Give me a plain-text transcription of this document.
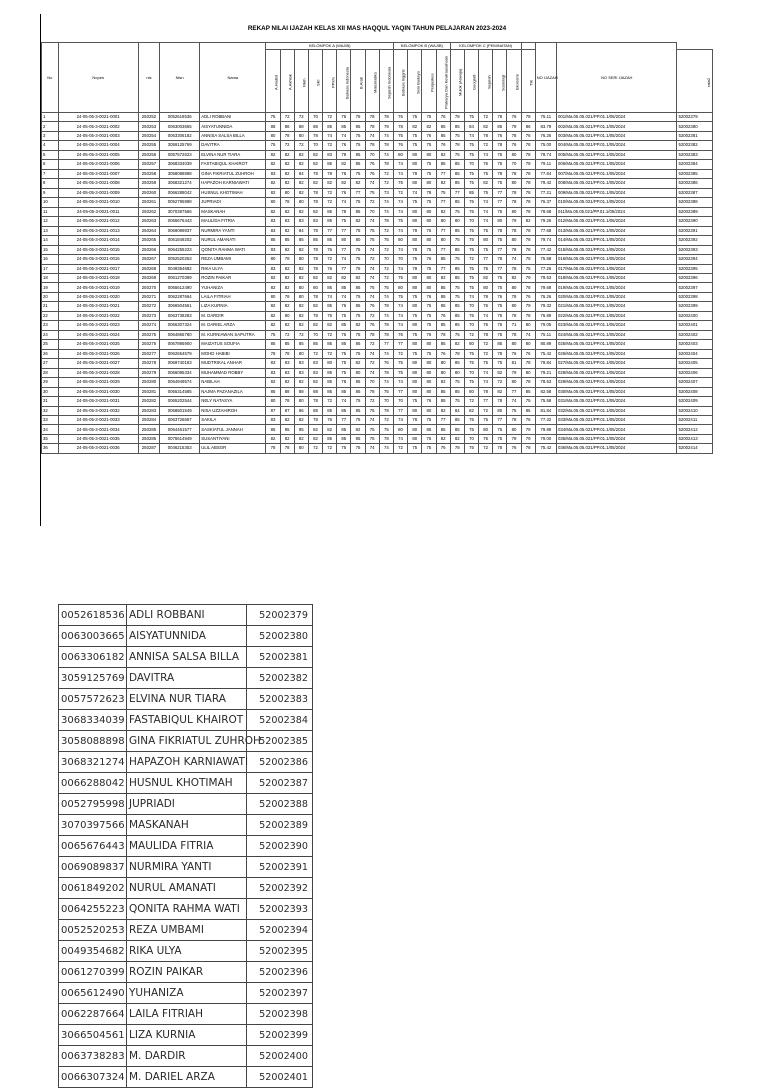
REKAP NILAI IJAZAH KELAS XII MAS HAQQUL YAQIN TAHUN PELAJARAN 2023-2024
No	Nopes	nis	Nisn	Nama	KELOMPOK A (WAJIB)									KELOMPOK B (WAJIB)				KELOMPOK C (PEMINATAN)						NO IJAZAH	NO SERI IJAZAH	
					A.Hadist	A.Akhlak	Fikih	SKI	PPKN	Bahasa Indonesia	B.Arab	Matematika	Sejarah Indonesia	Bahasa Inggris	Seni Budaya	Penjaskes	Prakarya Dan Kewirausahaan	Mulok (Aswaja)	Geografi	Sejarah	Sosiologi	Ekonomi	TIK			rata2
1	24-05-05-3-0021-0001	250252	0052618536	ADLI ROBBANI	75	72	72	70	72	76	75	78	78	76	75	75	76	78	75	72	78	76	78	75.11	001/Ma.05.05.021/PP.01.1/05/2024	52002379
2	24-05-05-3-0021-0002	250253	0063003665	AISYATUNNIDA	88	88	88	88	85	85	85	78	79	78	82	82	85	85	84	82	85	79	86	83.79	002/Ma.05.05.021/PP.01.1/05/2024	52002380
3	24-05-05-3-0021-0003	250254	0063306182	ANNISA SALSA BILLA	80	78	80	78	74	74	75	74	74	75	75	76	85	75	74	78	76	78	76	76.26	003/Ma.05.05.021/PP.01.1/05/2024	52002381
4	24-05-05-3-0021-0004	250255	3059125769	DAVITRA	75	72	72	70	72	76	75	78	78	76	75	75	76	78	75	72	78	76	78	75.00	004/Ma.05.05.021/PP.01.1/05/2024	52002382
5	24-05-05-3-0021-0005	250256	0057572623	ELVINA NUR TIARA	82	82	82	82	83	78	85	70	74	80	80	80	82	75	75	74	76	80	78	78.74	005/Ma.05.05.021/PP.01.1/05/2024	52002383
6	24-05-05-3-0021-0006	250257	3068334039	FASTABIQUL KHAIROT	82	82	82	82	85	82	85	76	78	74	80	75	85	85	70	76	75	70	79	79.11	006/Ma.05.05.021/PP.01.1/05/2024	52002384
7	24-05-05-3-0021-0007	250258	3058088898	GINA FIKRIATUL ZUHROH	83	82	84	78	78	78	75	76	72	74	78	75	77	85	75	75	78	78	78	77.84	007/Ma.05.05.021/PP.01.1/05/2024	52002385
8	24-05-05-3-0021-0008	250259	3068321274	HAPAZOH KARNIAWATI	82	82	82	82	82	82	82	74	72	75	80	80	82	85	75	82	75	80	78	79.42	008/Ma.05.05.021/PP.01.1/05/2024	52002386
9	24-05-05-3-0021-0009	250260	0066288042	HUSNUL KHOTIMAH	82	80	82	78	72	76	77	75	73	72	74	78	75	77	85	75	77	78	78	77.21	009/Ma.05.05.021/PP.01.1/05/2024	52002387
10	24-05-05-3-0021-0010	250261	0052795998	JUPRIADI	80	78	80	78	72	74	75	72	74	74	75	75	77	85	75	74	77	78	78	76.37	010/Ma.05.05.021/PP.01.1/05/2024	52002388
11	24-05-05-3-0021-0011	250262	3070397566	MASKANAH	82	82	82	82	85	78	85	70	74	74	80	80	82	75	75	74	75	80	78	78.68	011/Ma.05.05.021/PP.01.1/05/2024	52002389
12	24-05-05-3-0021-0012	250263	0065676443	MAULIDA FITRIA	83	83	83	83	85	75	82	74	78	75	80	80	80	80	70	74	80	79	82	79.26	012/Ma.05.05.021/PP.01.1/05/2024	52002390
13	24-05-05-3-0021-0013	250264	0069089837	NURMIRA YANTI	83	82	84	78	77	77	75	75	72	74	78	75	77	85	75	75	78	78	78	77.68	013/Ma.05.05.021/PP.01.1/05/2024	52002391
14	24-05-05-3-0021-0014	250265	0061849202	NURUL AMANATI	85	85	85	85	85	80	80	75	75	80	80	80	80	75	75	80	75	80	78	79.74	014/Ma.05.05.021/PP.01.1/05/2024	52002392
15	24-05-05-3-0021-0015	250266	0064255223	QONITA RAHMA WATI	83	82	82	78	76	77	75	74	72	74	78	75	77	85	75	75	77	78	78	77.42	015/Ma.05.05.021/PP.01.1/05/2024	52002393
16	24-05-05-3-0021-0016	250267	0052520253	REZA UMBAMI	80	78	80	78	72	74	75	72	70	70	75	76	85	75	72	77	78	74	75	75.58	016/Ma.05.05.021/PP.01.1/05/2024	52002394
17	24-05-05-3-0021-0017	250268	0049354682	RIKA ULYA	83	82	82	78	76	77	75	74	72	74	78	75	77	85	75	75	77	78	75	77.26	017/Ma.05.05.021/PP.01.1/05/2024	52002395
18	24-05-05-3-0021-0018	250269	0061270399	ROZIN PAIKAR	82	82	82	82	82	82	82	74	72	75	80	80	82	85	75	82	75	82	79	79.53	018/Ma.05.05.021/PP.01.1/05/2024	52002396
19	24-05-05-3-0021-0019	250270	0065612490	YUHANIZA	82	82	80	80	85	85	85	75	75	80	80	80	85	75	75	80	75	80	78	79.68	019/Ma.05.05.021/PP.01.1/05/2024	52002397
20	24-05-05-3-0021-0020	250271	0062287664	LAILA FITRIAH	80	78	80	78	74	74	75	74	74	75	75	76	85	75	74	78	76	78	76	76.26	020/Ma.05.05.021/PP.01.1/05/2024	52002398
21	24-05-05-3-0021-0021	250272	3066504561	LIZA KURNIA	82	82	82	82	85	76	85	76	78	74	80	75	85	85	70	76	75	80	79	79.32	021/Ma.05.05.021/PP.01.1/05/2024	52002399
22	24-05-05-3-0021-0022	250273	0063738283	M. DARDIR	82	80	82	78	75	75	75	72	74	74	75	75	76	85	75	74	76	78	78	76.89	022/Ma.05.05.021/PP.01.1/05/2024	52002400
23	24-05-05-3-0021-0023	250274	0066307324	M. DARIEL ARZA	82	82	82	82	82	85	82	76	78	74	80	75	85	85	70	76	75	71	80	79.05	023/Ma.05.05.021/PP.01.1/05/2024	52002401
24	24-05-05-3-0021-0024	250275	0064865780	M. KURNIAWAN SAPUTRA	75	72	72	70	72	76	75	78	78	76	75	76	78	75	72	78	76	78	74	75.11	024/Ma.05.05.021/PP.01.1/05/2024	52002402
25	24-05-05-3-0021-0025	250276	0067895900	MAIZATUS SOUFIA	85	85	85	85	85	85	85	72	77	77	80	80	85	82	80	72	85	80	80	80.89	025/Ma.05.05.021/PP.01.1/05/2024	52002403
26	24-05-05-3-0021-0026	250277	0062654579	MOHD HABIBI	78	78	80	72	72	75	75	74	74	72	75	75	76	78	75	72	78	76	76	75.42	026/Ma.05.05.021/PP.01.1/05/2024	52002404
27	24-05-05-3-0021-0027	250278	0069740183	MUDTRIKAL ANHAR	83	83	83	83	80	75	82	72	76	75	80	80	80	85	75	75	75	81	78	78.84	027/Ma.05.05.021/PP.01.1/05/2024	52002405
28	24-05-05-3-0021-0028	250279	0066095334	MUHAMMAD ROBBY	83	83	83	83	85	75	80	74	78	75	80	80	80	80	70	74	82	79	80	79.21	028/Ma.05.05.021/PP.01.1/05/2024	52002406
29	24-05-05-3-0021-0029	250280	0064949574	NABILAH	82	82	82	82	85	78	85	70	74	74	80	80	82	75	75	74	72	80	78	78.53	029/Ma.05.05.021/PP.01.1/05/2024	52002407
30	24-05-05-3-0021-0030	250281	0065314585	NAJMA PAZANAZILA	85	88	88	88	85	85	85	78	75	77	80	80	85	85	80	78	82	77	85	82.58	030/Ma.05.05.021/PP.01.1/05/2024	52002408
31	24-05-05-3-0021-0031	250282	0065202544	NELY NATASYA	80	78	80	78	72	74	75	72	70	70	75	76	85	75	72	77	78	74	75	75.58	031/Ma.05.05.021/PP.01.1/05/2024	52002409
32	24-05-05-3-0021-0032	250283	0068801549	NISA UZZAHIROH	87	87	86	88	85	85	85	76	78	77	80	80	82	84	82	72	80	75	86	81.84	032/Ma.05.05.021/PP.01.1/05/2024	52002410
33	24-05-05-3-0021-0033	250284	0063726667	SAKILA	83	82	82	78	76	77	75	74	72	74	78	75	77	85	75	75	77	78	76	77.32	033/Ma.05.05.021/PP.01.1/05/2024	52002411
34	24-05-05-3-0021-0034	250285	0064461577	SASKIATUL JANNAH	85	85	85	82	82	85	82	75	75	80	80	85	85	85	75	80	75	80	79	79.89	034/Ma.05.05.021/PP.01.1/05/2024	52002412
35	24-05-05-3-0021-0035	250286	0075614949	SUSANTIYANI	82	82	82	82	85	85	85	76	78	74	80	75	82	82	70	76	75	79	79	79.00	035/Ma.05.05.021/PP.01.1/05/2024	52002413
36	24-05-05-3-0021-0036	250287	0046215353	ULIL ABSOR	78	78	80	72	72	75	75	74	74	72	75	75	76	78	75	72	78	76	78	75.42	036/Ma.05.05.021/PP.01.1/05/2024	52002414
0052618536	ADLI ROBBANI	52002379
0063003665	AISYATUNNIDA	52002380
0063306182	ANNISA SALSA BILLA	52002381
3059125769	DAVITRA	52002382
0057572623	ELVINA NUR TIARA	52002383
3068334039	FASTABIQUL KHAIROT	52002384
3058088898	GINA FIKRIATUL ZUHROH	52002385
3068321274	HAPAZOH KARNIAWATI	52002386
0066288042	HUSNUL KHOTIMAH	52002387
0052795998	JUPRIADI	52002388
3070397566	MASKANAH	52002389
0065676443	MAULIDA FITRIA	52002390
0069089837	NURMIRA YANTI	52002391
0061849202	NURUL AMANATI	52002392
0064255223	QONITA RAHMA WATI	52002393
0052520253	REZA UMBAMI	52002394
0049354682	RIKA ULYA	52002395
0061270399	ROZIN PAIKAR	52002396
0065612490	YUHANIZA	52002397
0062287664	LAILA FITRIAH	52002398
3066504561	LIZA KURNIA	52002399
0063738283	M. DARDIR	52002400
0066307324	M. DARIEL ARZA	52002401
